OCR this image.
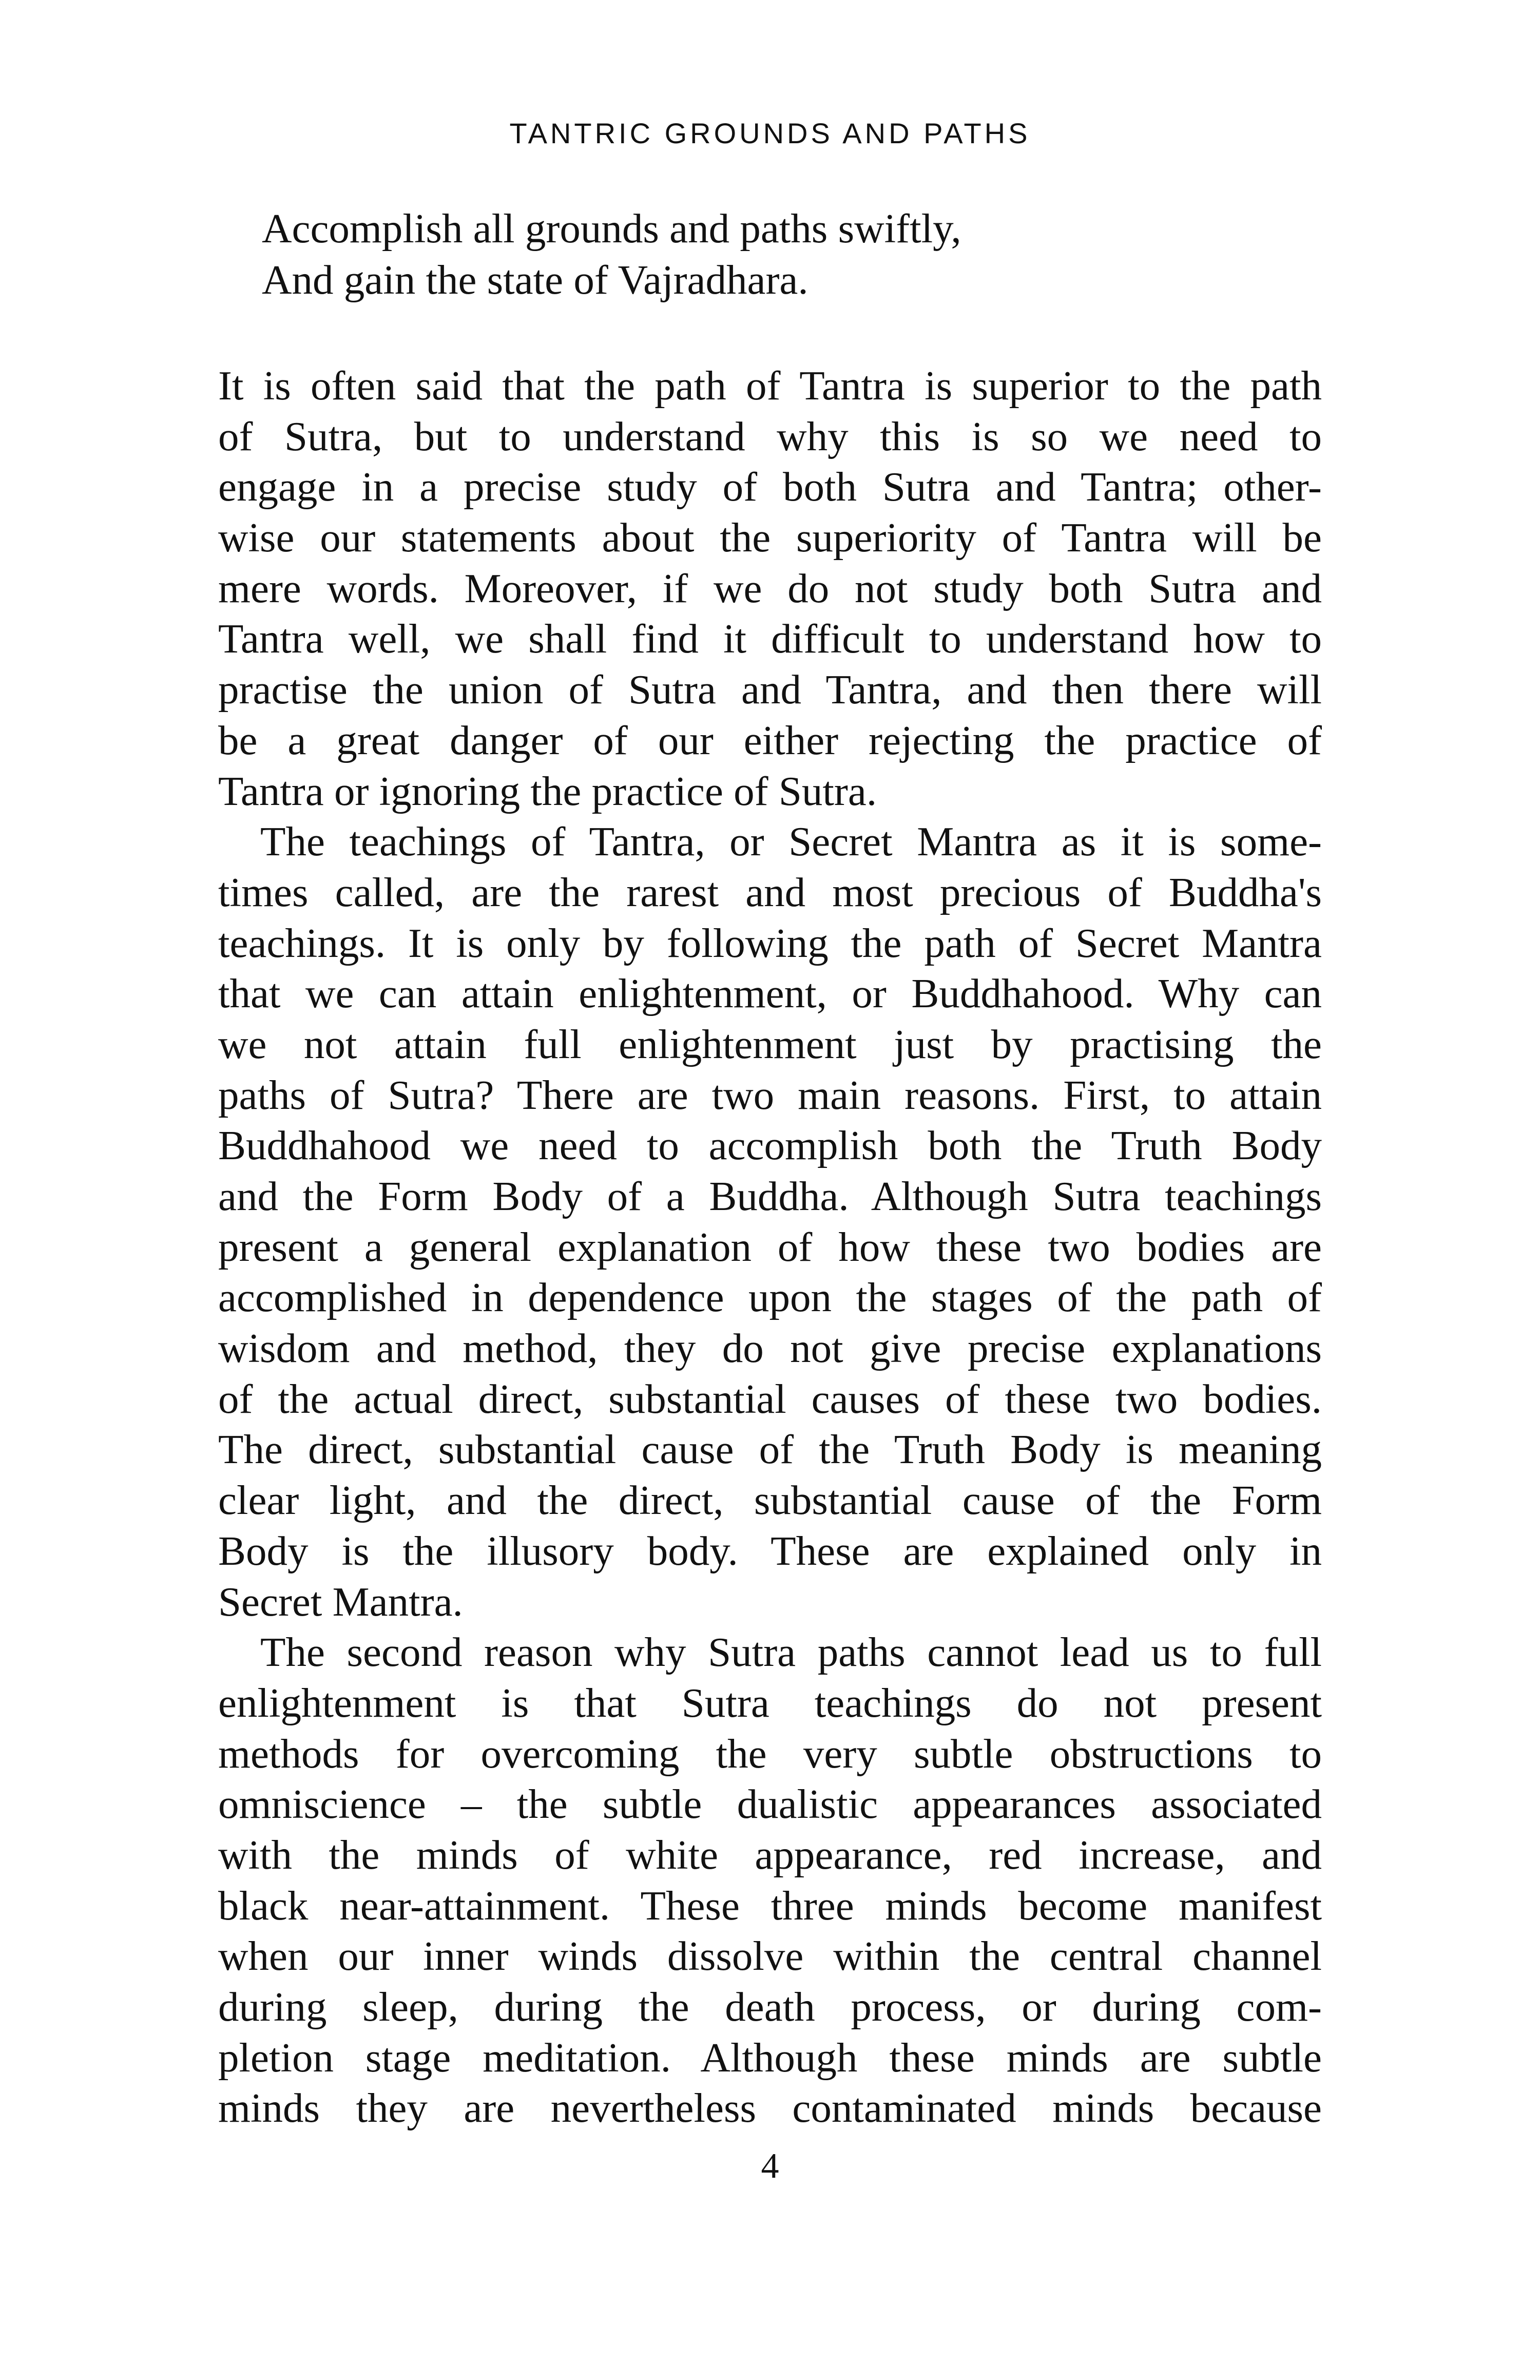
TANTRIC GROUNDS AND PATHS
Accomplish all grounds and paths swiftly,
And gain the state of Vajradhara.
It is often said that the path of Tantra is superior to the path
of Sutra, but to understand why this is so we need to
engage in a precise study of both Sutra and Tantra; other-
wise our statements about the superiority of Tantra will be
mere words. Moreover, if we do not study both Sutra and
Tantra well, we shall find it difficult to understand how to
practise the union of Sutra and Tantra, and then there will
be a great danger of our either rejecting the practice of
Tantra or ignoring the practice of Sutra.
The teachings of Tantra, or Secret Mantra as it is some-
times called, are the rarest and most precious of Buddha's
teachings. It is only by following the path of Secret Mantra
that we can attain enlightenment, or Buddhahood. Why can
we not attain full enlightenment just by practising the
paths of Sutra? There are two main reasons. First, to attain
Buddhahood we need to accomplish both the Truth Body
and the Form Body of a Buddha. Although Sutra teachings
present a general explanation of how these two bodies are
accomplished in dependence upon the stages of the path of
wisdom and method, they do not give precise explanations
of the actual direct, substantial causes of these two bodies.
The direct, substantial cause of the Truth Body is meaning
clear light, and the direct, substantial cause of the Form
Body is the illusory body. These are explained only in
Secret Mantra.
The second reason why Sutra paths cannot lead us to full
enlightenment is that Sutra teachings do not present
methods for overcoming the very subtle obstructions to
omniscience – the subtle dualistic appearances associated
with the minds of white appearance, red increase, and
black near-attainment. These three minds become manifest
when our inner winds dissolve within the central channel
during sleep, during the death process, or during com-
pletion stage meditation. Although these minds are subtle
minds they are nevertheless contaminated minds because
4
